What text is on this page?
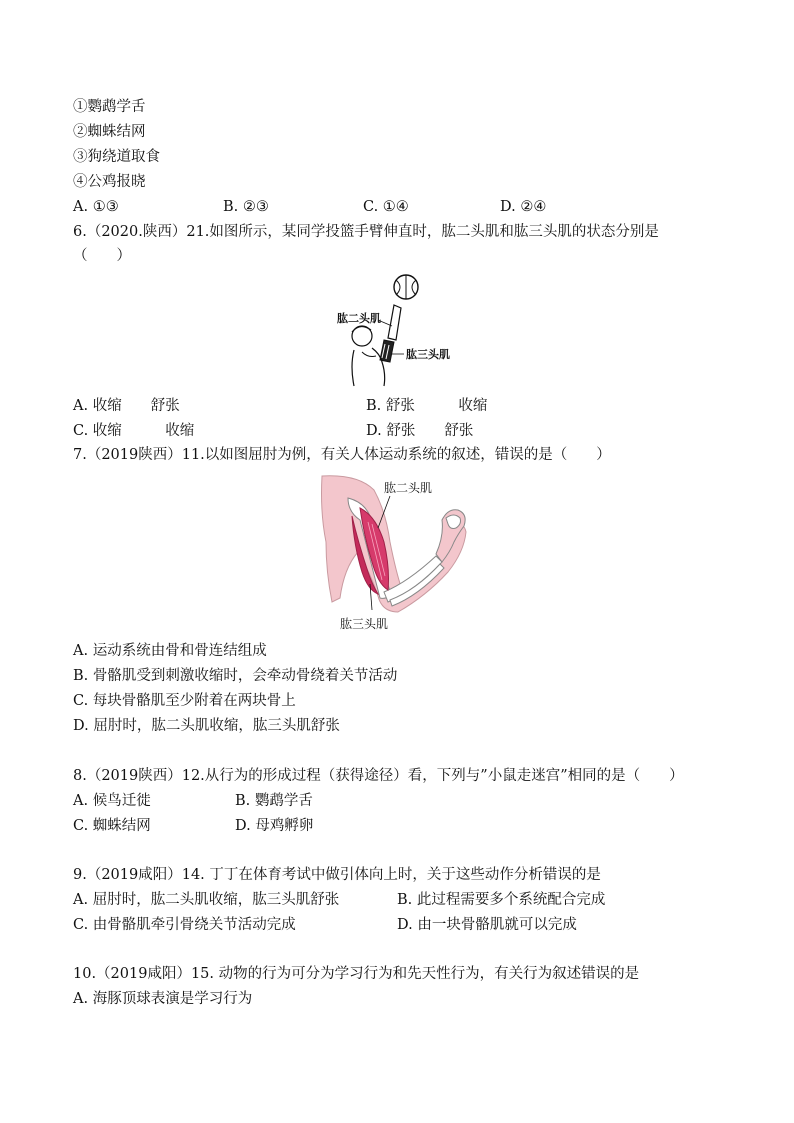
①鹦鹉学舌
②蜘蛛结网
③狗绕道取食
④公鸡报晓
A. ①③	B. ②③	C. ①④	D. ②④
6.（2020.陕西）21.如图所示，某同学投篮手臂伸直时，肱二头肌和肱三头肌的状态分别是
（　　）
肱二头肌
肱三头肌
A. 收缩　　舒张	B. 舒张　　　收缩
C. 收缩　　　收缩	D. 舒张　　舒张
7.（2019陕西）11.以如图屈肘为例，有关人体运动系统的叙述，错误的是（　　）
肱二头肌
肱三头肌
A. 运动系统由骨和骨连结组成
B. 骨骼肌受到刺激收缩时，会牵动骨绕着关节活动
C. 每块骨骼肌至少附着在两块骨上
D. 屈肘时，肱二头肌收缩，肱三头肌舒张
8.（2019陕西）12.从行为的形成过程（获得途径）看，下列与”小鼠走迷宫”相同的是（　　）
A. 候鸟迁徙	B. 鹦鹉学舌
C. 蜘蛛结网	D. 母鸡孵卵
9.（2019咸阳）14. 丁丁在体育考试中做引体向上时，关于这些动作分析错误的是
A. 屈肘时，肱二头肌收缩，肱三头肌舒张	B. 此过程需要多个系统配合完成
C. 由骨骼肌牵引骨绕关节活动完成	D. 由一块骨骼肌就可以完成
10.（2019咸阳）15. 动物的行为可分为学习行为和先天性行为，有关行为叙述错误的是
A. 海豚顶球表演是学习行为
